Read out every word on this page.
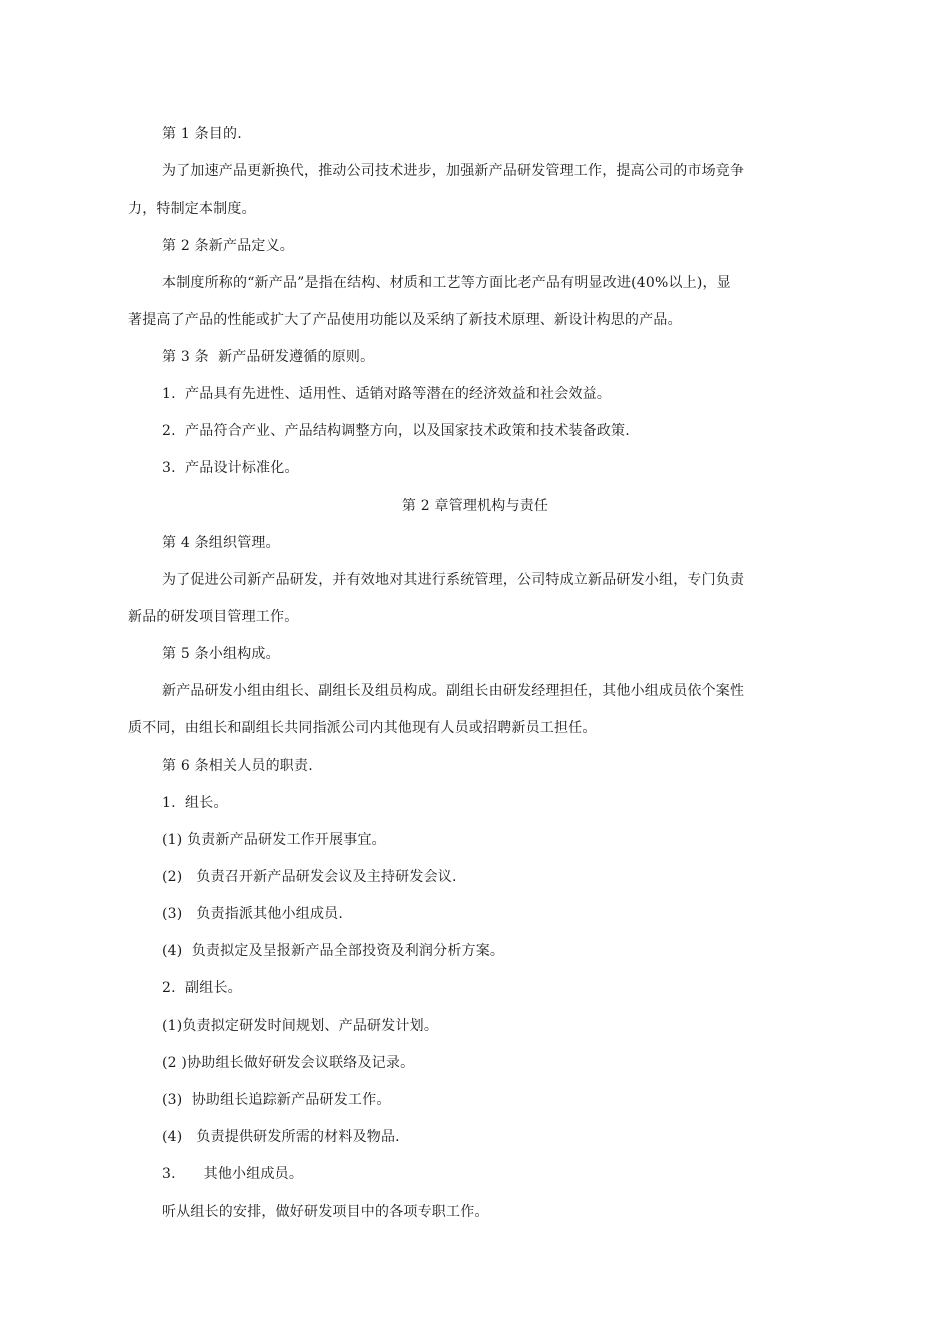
第 1 条目的.
为了加速产品更新换代，推动公司技术进步，加强新产品研发管理工作，提高公司的市场竞争
力，特制定本制度。
第 2 条新产品定义。
本制度所称的“新产品”是指在结构、材质和工艺等方面比老产品有明显改进(40%以上)，显
著提高了产品的性能或扩大了产品使用功能以及采纳了新技术原理、新设计构思的产品。
第 3 条  新产品研发遵循的原则。
1.  产品具有先进性、适用性、适销对路等潜在的经济效益和社会效益。
2.  产品符合产业、产品结构调整方向，以及国家技术政策和技术装备政策.
3.  产品设计标准化。
第 2 章管理机构与责任
第 4 条组织管理。
为了促进公司新产品研发，并有效地对其进行系统管理，公司特成立新品研发小组，专门负责
新品的研发项目管理工作。
第 5 条小组构成。
新产品研发小组由组长、副组长及组员构成。副组长由研发经理担任，其他小组成员依个案性
质不同，由组长和副组长共同指派公司内其他现有人员或招聘新员工担任。
第 6 条相关人员的职责.
1.  组长。
(1) 负责新产品研发工作开展事宜。
(2)   负责召开新产品研发会议及主持研发会议.
(3)   负责指派其他小组成员.
(4)  负责拟定及呈报新产品全部投资及利润分析方案。
2.  副组长。
(1)负责拟定研发时间规划、产品研发计划。
(2 )协助组长做好研发会议联络及记录。
(3)  协助组长追踪新产品研发工作。
(4)   负责提供研发所需的材料及物品.
3.      其他小组成员。
听从组长的安排，做好研发项目中的各项专职工作。
